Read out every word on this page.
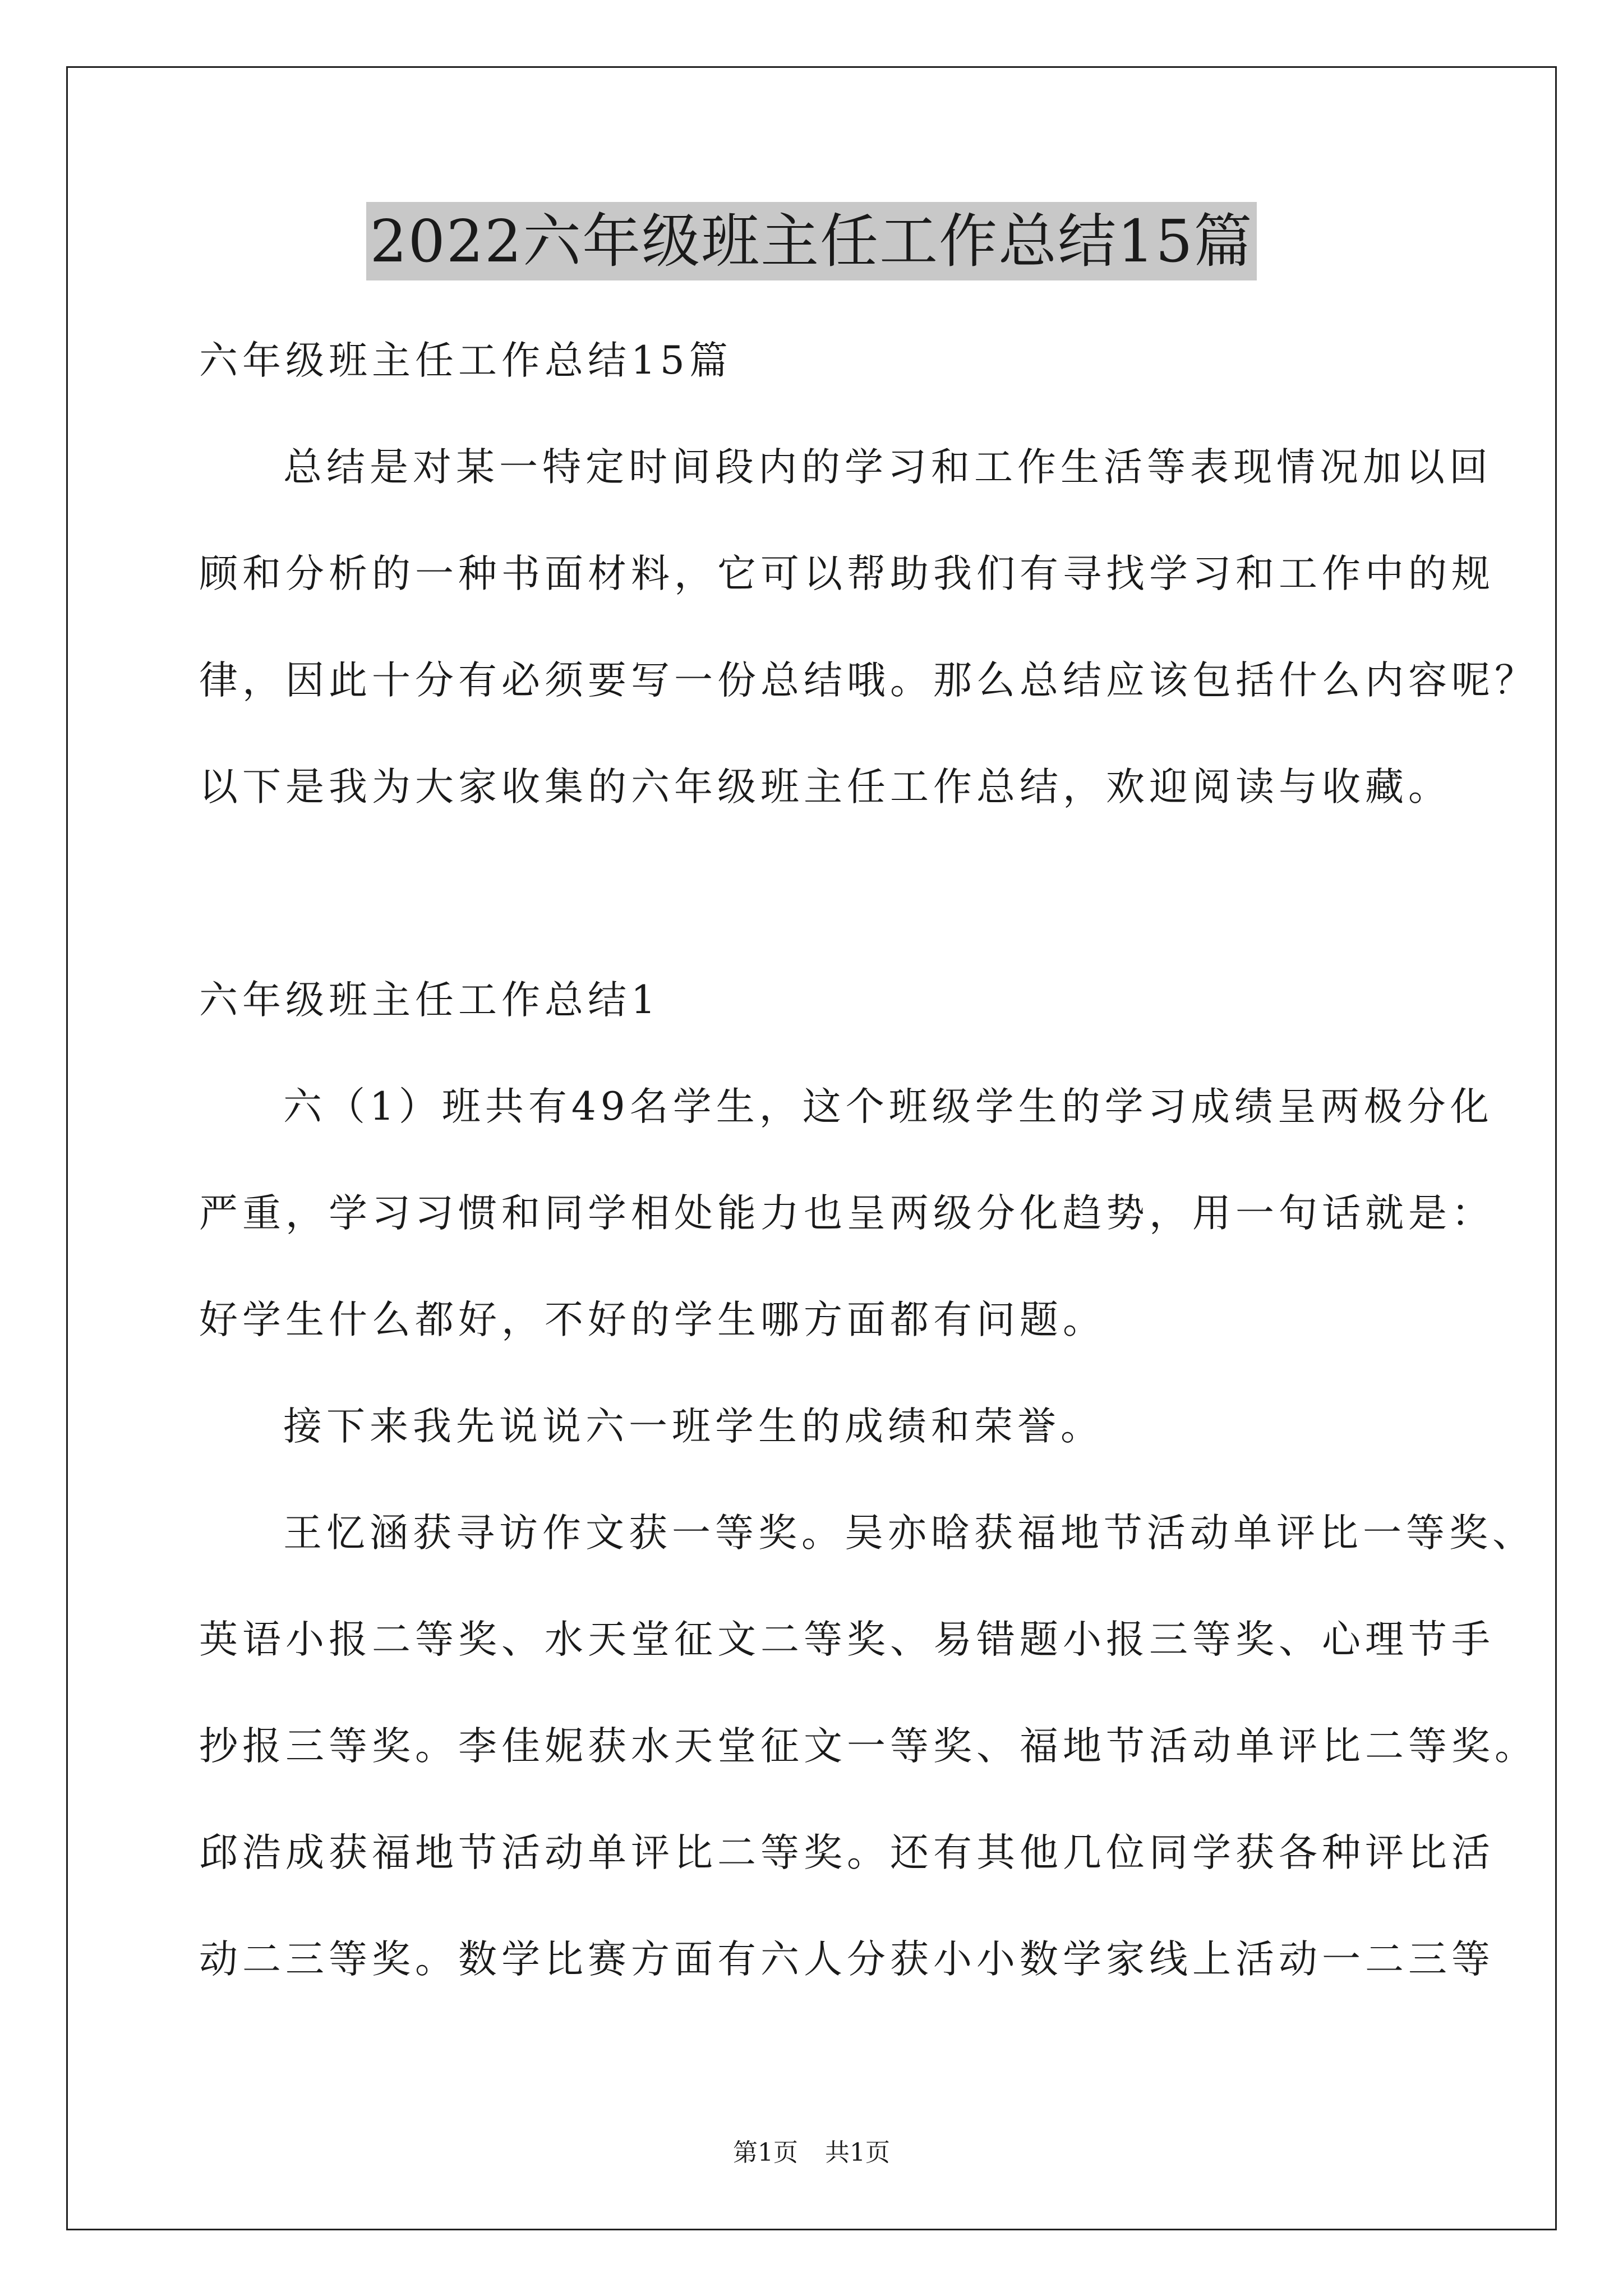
2022六年级班主任工作总结15篇
六年级班主任工作总结15篇
总结是对某一特定时间段内的学习和工作生活等表现情况加以回
顾和分析的一种书面材料，它可以帮助我们有寻找学习和工作中的规
律，因此十分有必须要写一份总结哦。那么总结应该包括什么内容呢？
以下是我为大家收集的六年级班主任工作总结，欢迎阅读与收藏。
六年级班主任工作总结1
六（1）班共有49名学生，这个班级学生的学习成绩呈两极分化
严重，学习习惯和同学相处能力也呈两级分化趋势，用一句话就是：
好学生什么都好，不好的学生哪方面都有问题。
接下来我先说说六一班学生的成绩和荣誉。
王忆涵获寻访作文获一等奖。吴亦晗获福地节活动单评比一等奖、
英语小报二等奖、水天堂征文二等奖、易错题小报三等奖、心理节手
抄报三等奖。李佳妮获水天堂征文一等奖、福地节活动单评比二等奖。
邱浩成获福地节活动单评比二等奖。还有其他几位同学获各种评比活
动二三等奖。数学比赛方面有六人分获小小数学家线上活动一二三等
第1页 共1页
